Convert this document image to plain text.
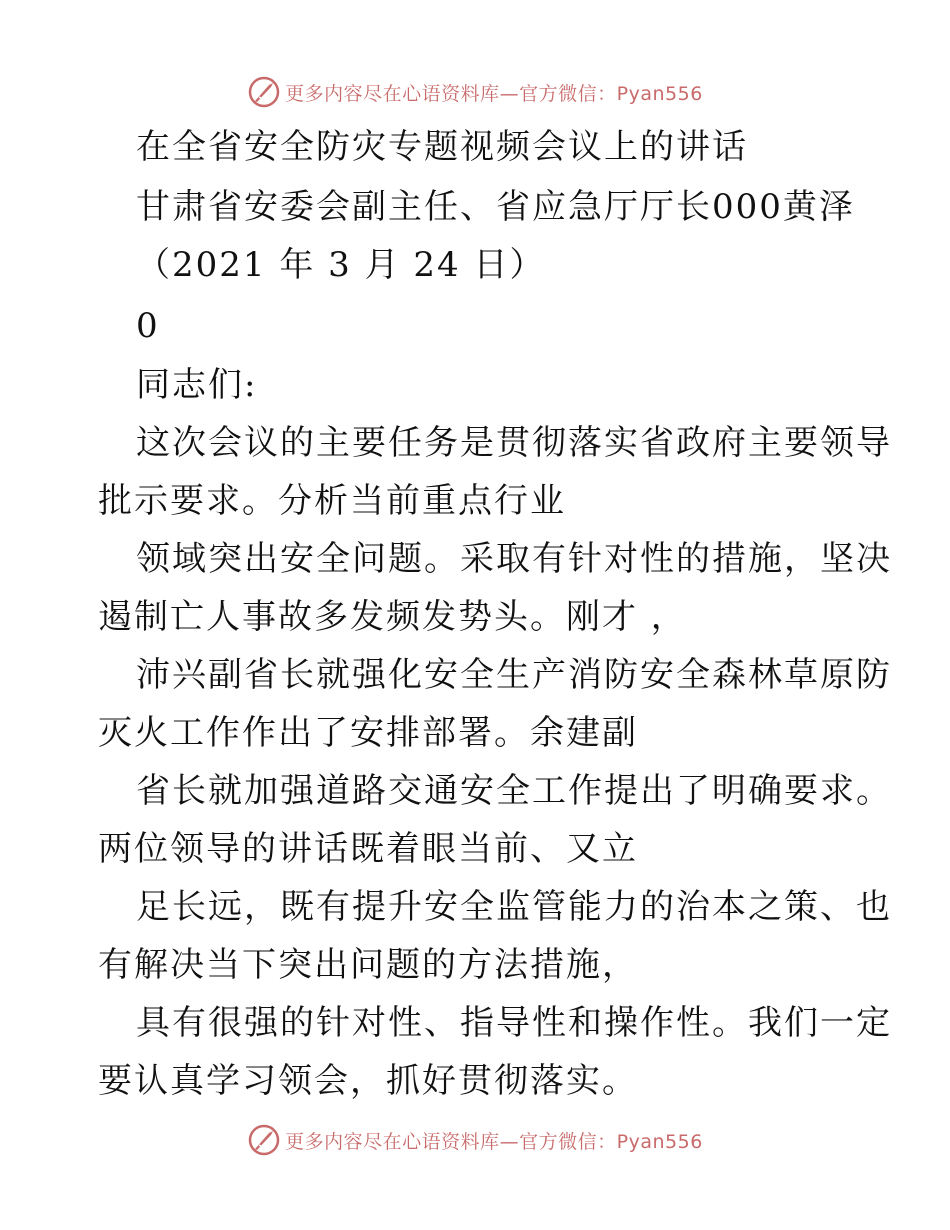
更多内容尽在心语资料库—官方微信：Pyan556
在全省安全防灾专题视频会议上的讲话
甘肃省安委会副主任、省应急厅厅长000黄泽
（2021 年 3 月 24 日）
0
同志们:
这次会议的主要任务是贯彻落实省政府主要领导
批示要求。分析当前重点行业
领域突出安全问题。采取有针对性的措施，坚决
遏制亡人事故多发频发势头。刚才 ，
沛兴副省长就强化安全生产消防安全森林草原防
灭火工作作出了安排部署。余建副
省长就加强道路交通安全工作提出了明确要求。
两位领导的讲话既着眼当前、又立
足长远，既有提升安全监管能力的治本之策、也
有解决当下突出问题的方法措施，
具有很强的针对性、指导性和操作性。我们一定
要认真学习领会，抓好贯彻落实。
更多内容尽在心语资料库—官方微信：Pyan556
